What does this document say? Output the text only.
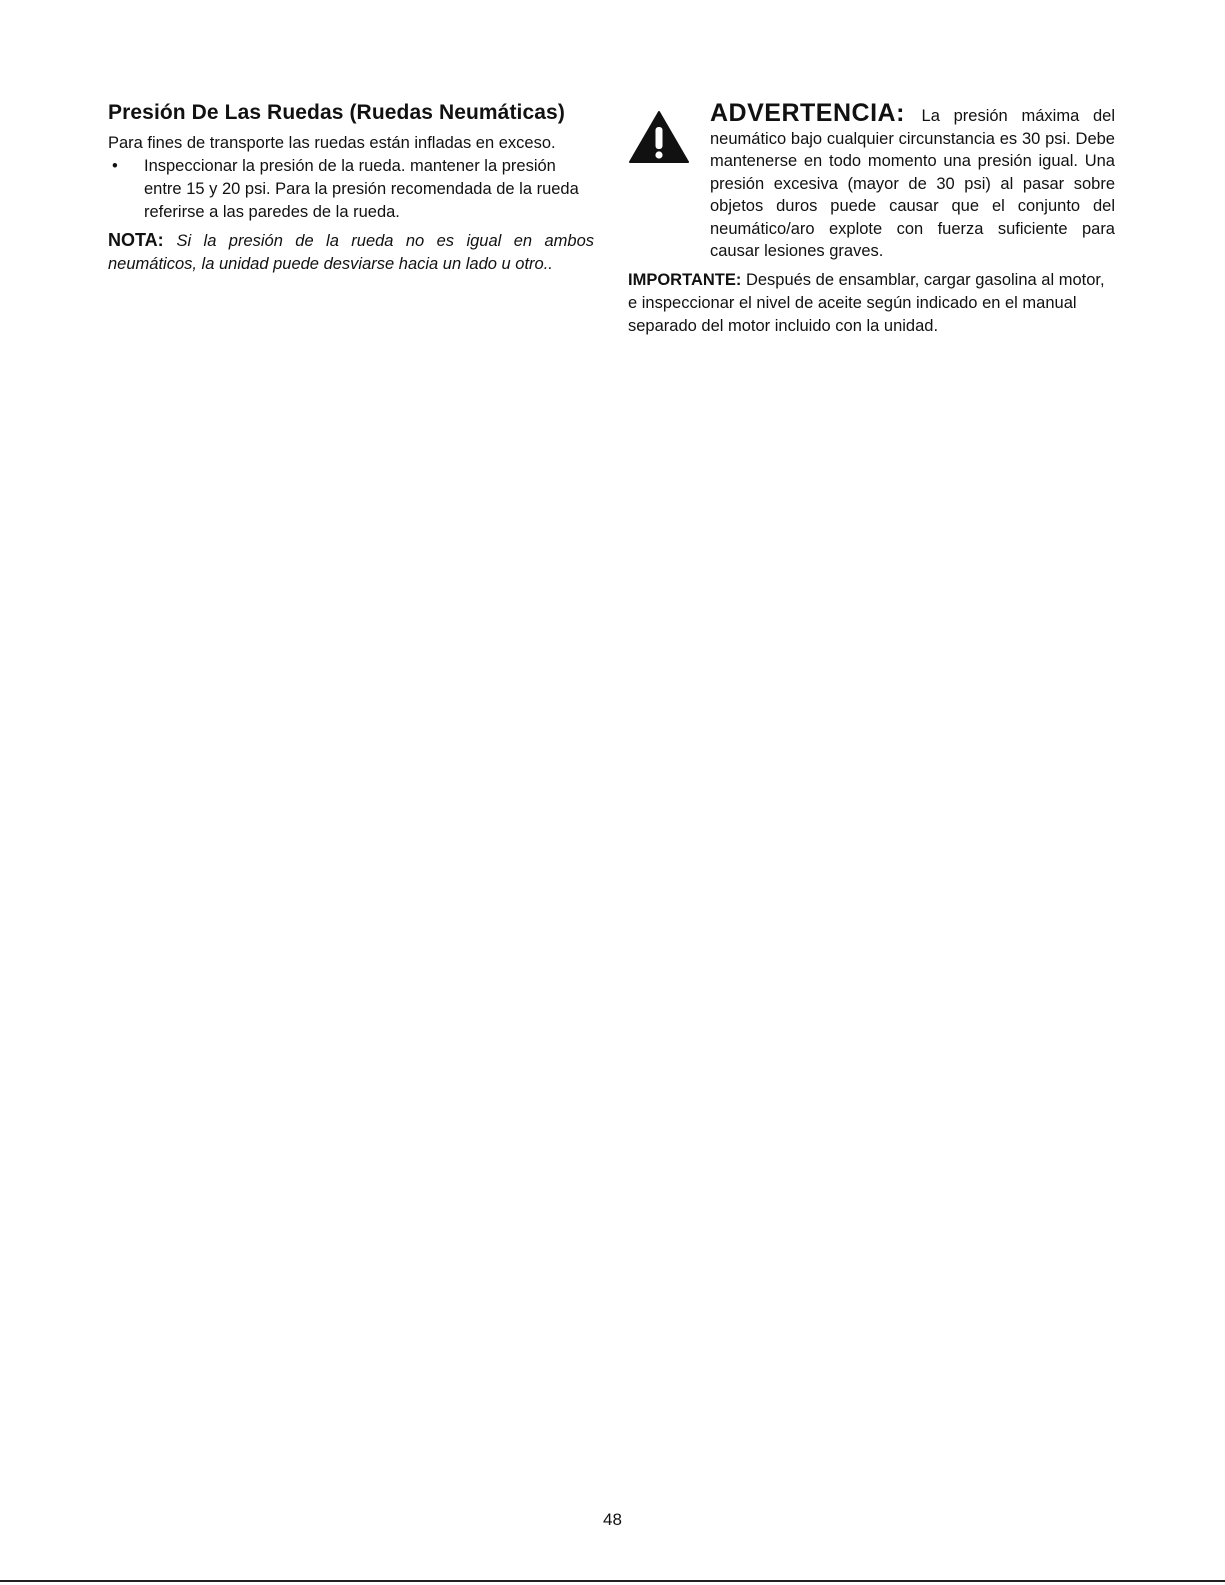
Presión De Las Ruedas (Ruedas Neumáticas)

Para fines de transporte las ruedas están infladas en exceso.

•	Inspeccionar la presión de la rueda. mantener la presión entre 15 y 20 psi. Para la presión recomendada de la rueda referirse a las paredes de la rueda.
NOTA: Si la presión de la rueda no es igual en ambos neumáticos, la unidad puede desviarse hacia un lado u otro..
ADVERTENCIA: La presión máxima del neumático bajo cualquier circunstancia es 30 psi. Debe mantenerse en todo momento una presión igual. Una presión excesiva (mayor de 30 psi) al pasar sobre objetos duros puede causar que el conjunto del neumático/aro explote con fuerza suficiente para causar lesiones graves.
IMPORTANTE: Después de ensamblar, cargar gasolina al motor, e inspeccionar el nivel de aceite según indicado en el manual separado del motor incluido con la unidad.
48
